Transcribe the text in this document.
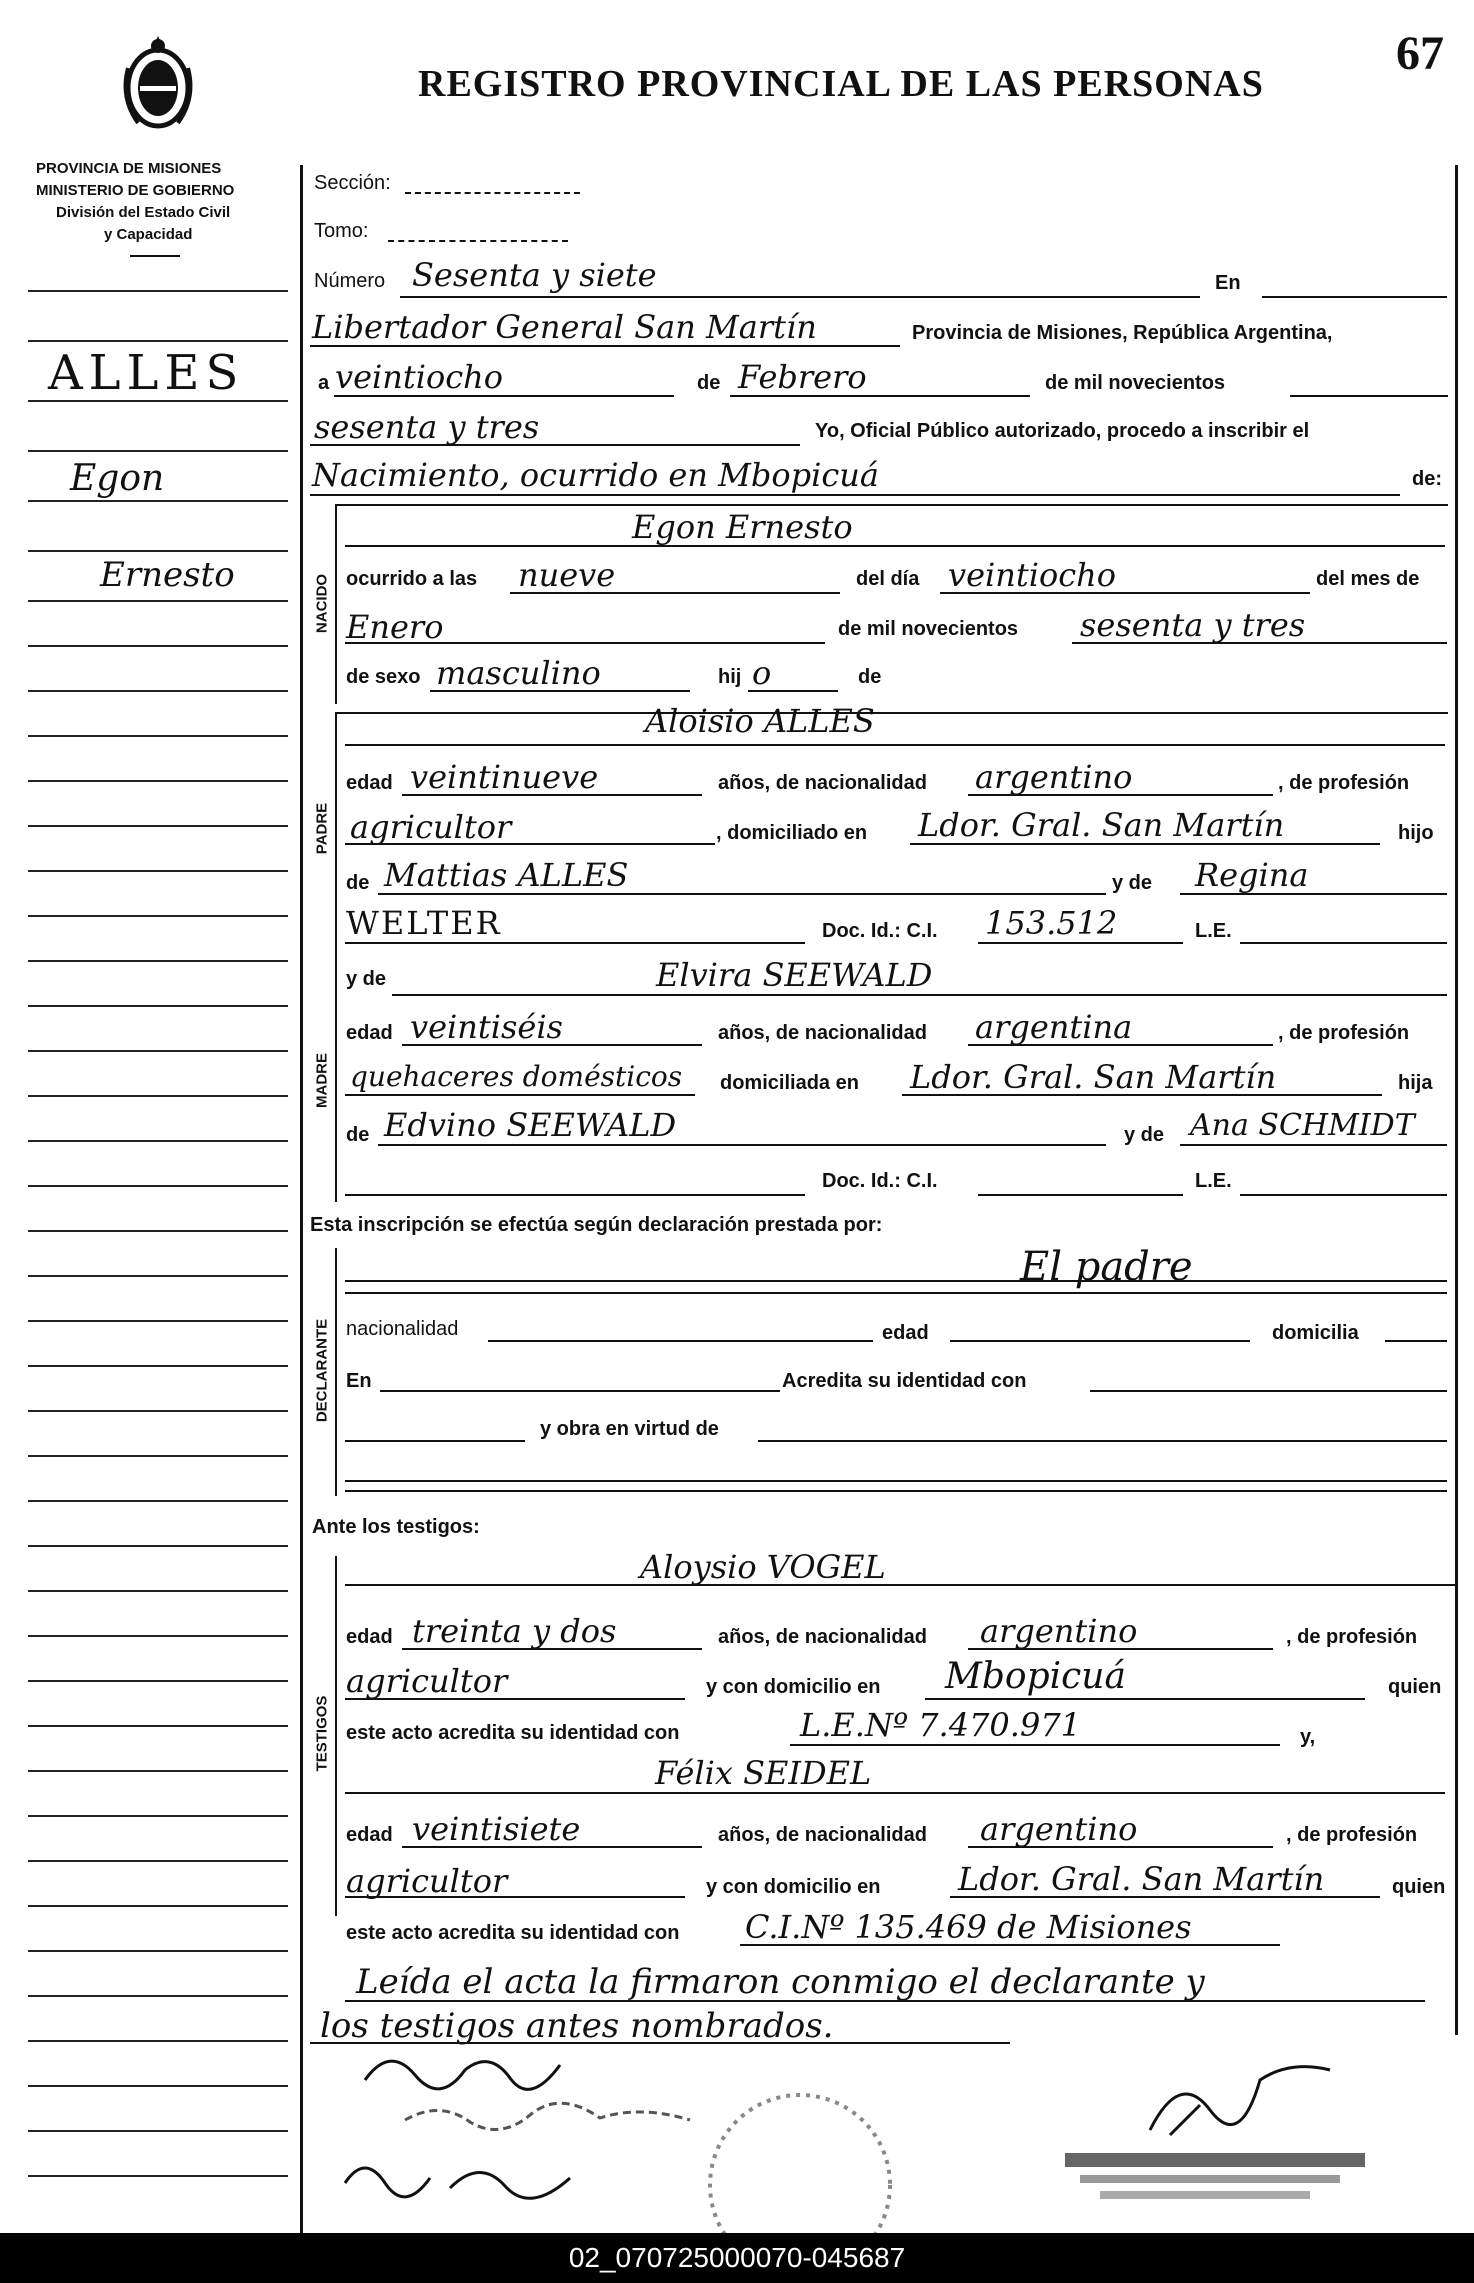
PROVINCIA DE MISIONES
MINISTERIO DE GOBIERNO
División del Estado Civil
y Capacidad
REGISTRO PROVINCIAL DE LAS PERSONAS
67
ALLES
Egon
Ernesto
Sección:
Tomo:
Número Sesenta y siete	En
Libertador General San Martín	Provincia de Misiones, República Argentina,
a veintiocho	de Febrero	de mil novecientos
sesenta y tres	Yo, Oficial Público autorizado, procedo a inscribir el
Nacimiento, ocurrido en Mbopicuá	de:
NACIDO
Egon Ernesto
ocurrido a las nueve	del día veintiocho	del mes de
Enero	de mil novecientos sesenta y tres
de sexo masculino	hij o	de
PADRE
Aloisio ALLES
edad veintinueve	años, de nacionalidad argentino	, de profesión
agricultor	, domiciliado en Ldor. Gral. San Martín	hijo
de Mattias ALLES	y de Regina
WELTER	Doc. Id.: C.I. 153.512	L.E.
MADRE
y de	Elvira SEEWALD
edad veintiséis	años, de nacionalidad argentina	, de profesión
quehaceres domésticos domiciliada en Ldor. Gral. San Martín	hija
de Edvino SEEWALD	y de Ana SCHMIDT
Doc. Id.: C.I.	L.E.
Esta inscripción se efectúa según declaración prestada por:
DECLARANTE
El padre
nacionalidad	edad	domicilia
En	Acredita su identidad con
y obra en virtud de
Ante los testigos:
TESTIGOS
Aloysio VOGEL
edad treinta y dos	años, de nacionalidad argentino	, de profesión
agricultor	y con domicilio en Mbopicuá	quien
este acto acredita su identidad con	L.E.Nº 7.470.971	y,
Félix SEIDEL
edad veintisiete	años, de nacionalidad argentino	, de profesión
agricultor	y con domicilio en Ldor. Gral. San Martín	quien
este acto acredita su identidad con C.I.Nº 135.469 de Misiones
Leída el acta la firmaron conmigo el declarante y
los testigos antes nombrados.
02_070725000070-045687
